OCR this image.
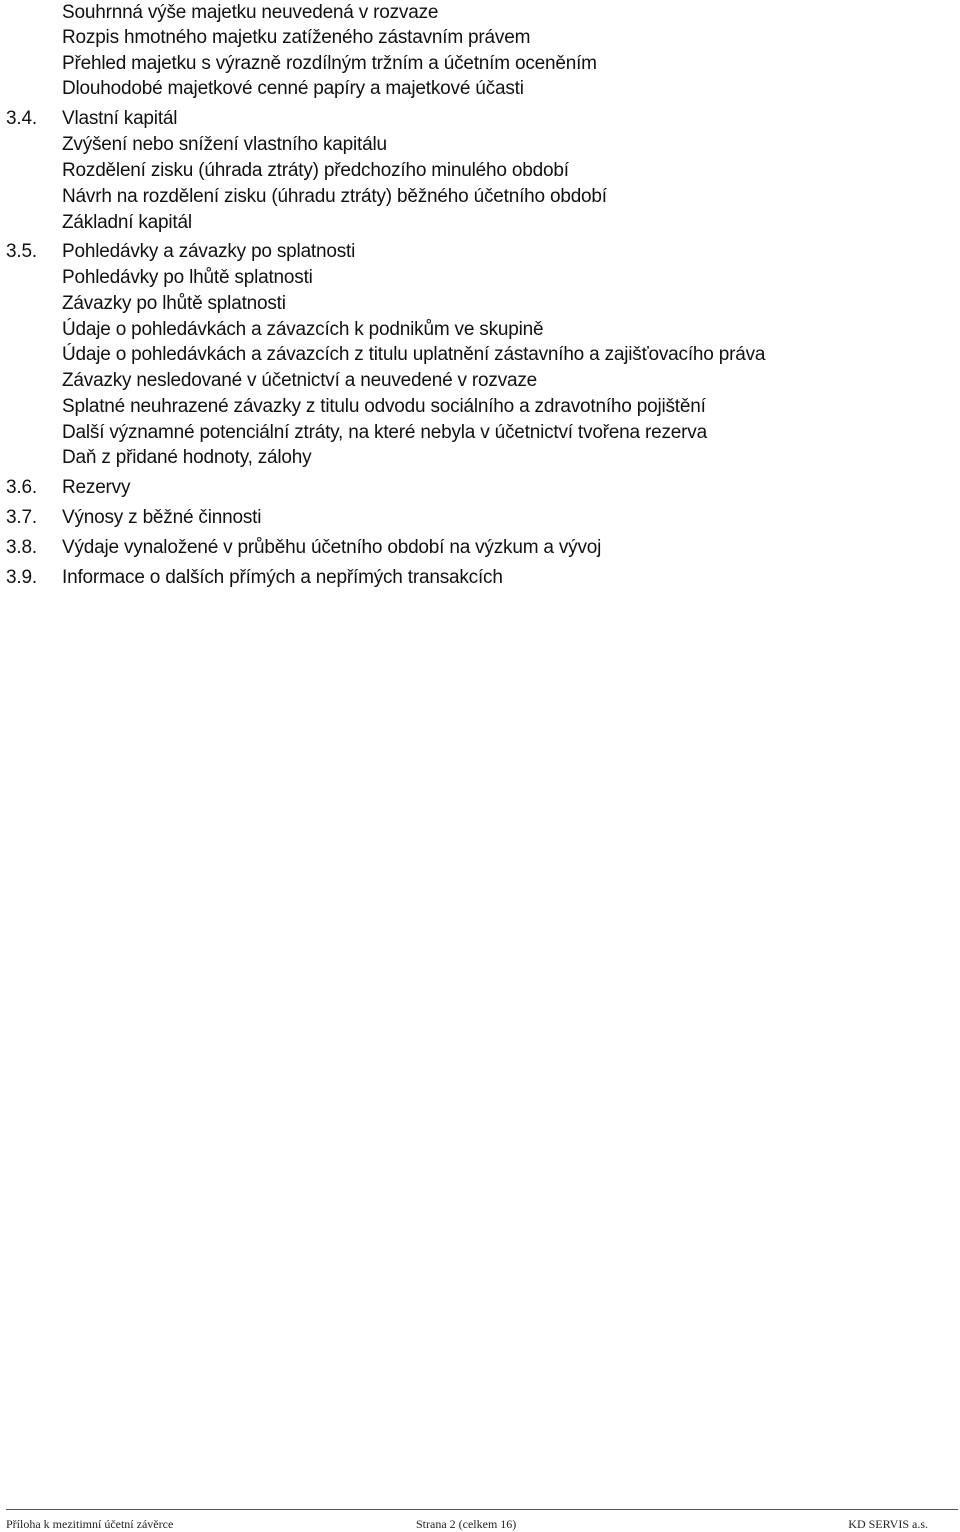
Souhrnná výše majetku neuvedená v rozvaze
Rozpis hmotného majetku zatíženého zástavním právem
Přehled majetku s výrazně rozdílným tržním a účetním oceněním
Dlouhodobé majetkové cenné papíry a majetkové účasti
3.4. Vlastní kapitál
Zvýšení nebo snížení vlastního kapitálu
Rozdělení zisku (úhrada ztráty) předchozího minulého období
Návrh na rozdělení zisku (úhradu ztráty) běžného účetního období
Základní kapitál
3.5. Pohledávky a závazky po splatnosti
Pohledávky po lhůtě splatnosti
Závazky po lhůtě splatnosti
Údaje o pohledávkách a závazcích k podnikům ve skupině
Údaje o pohledávkách a závazcích z titulu uplatnění zástavního a zajišťovacího práva
Závazky nesledované v účetnictví a neuvedené v rozvaze
Splatné neuhrazené závazky z titulu odvodu sociálního a zdravotního pojištění
Další významné potenciální ztráty, na které nebyla v účetnictví tvořena rezerva
Daň z přidané hodnoty, zálohy
3.6. Rezervy
3.7. Výnosy z běžné činnosti
3.8. Výdaje vynaložené v průběhu účetního období na výzkum a vývoj
3.9. Informace o dalších přímých a nepřímých transakcích
Příloha k mezitimní účetní závěrce	Strana 2 (celkem 16)	KD SERVIS a.s.
